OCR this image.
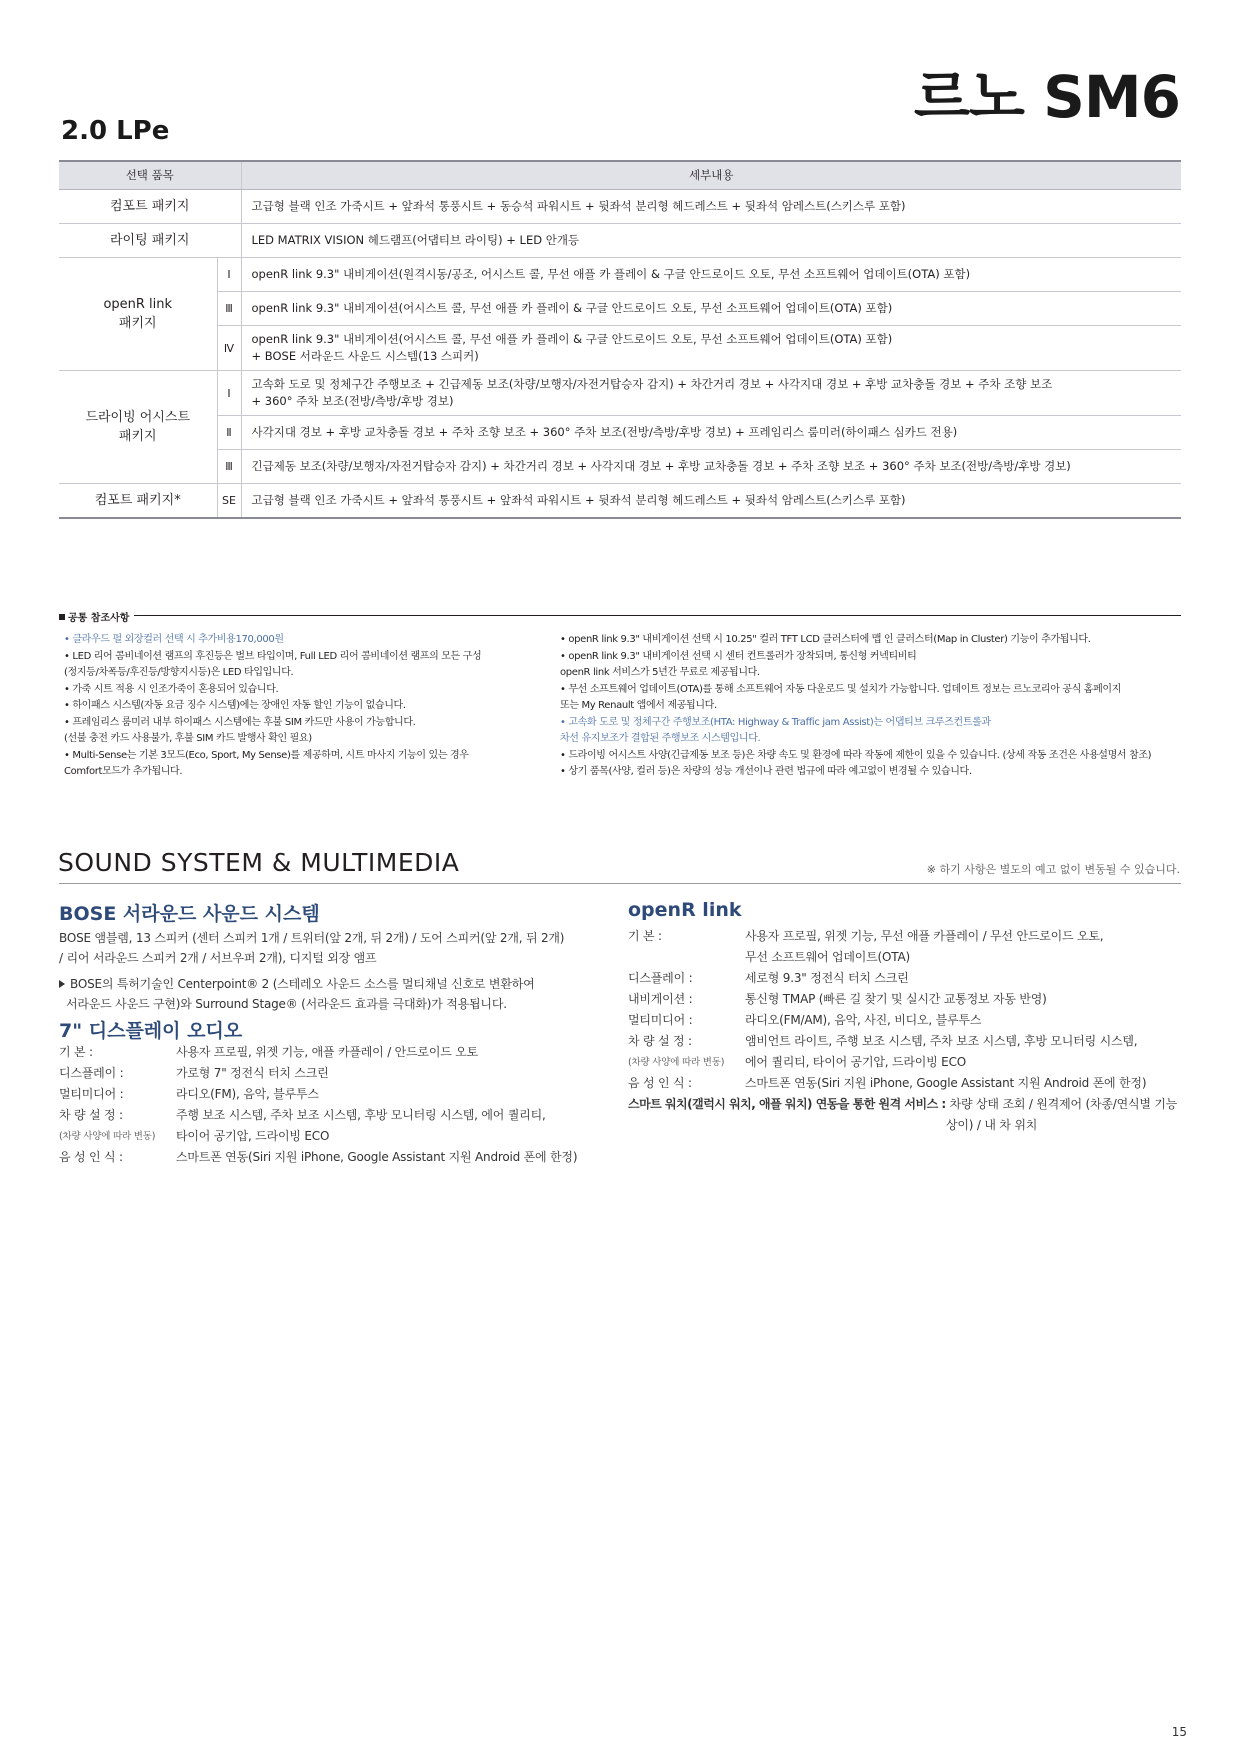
르노 SM6
2.0 LPe
선택 품목		세부내용
컴포트 패키지		고급형 블랙 인조 가죽시트 + 앞좌석 통풍시트 + 동승석 파워시트 + 뒷좌석 분리형 헤드레스트 + 뒷좌석 암레스트(스키스루 포함)
라이팅 패키지		LED MATRIX VISION 헤드램프(어댑티브 라이팅) + LED 안개등

openR link
패키지	Ⅰ	openR link 9.3" 내비게이션(원격시동/공조, 어시스트 콜, 무선 애플 카 플레이 & 구글 안드로이드 오토, 무선 소프트웨어 업데이트(OTA) 포함)
	Ⅲ	openR link 9.3" 내비게이션(어시스트 콜, 무선 애플 카 플레이 & 구글 안드로이드 오토, 무선 소프트웨어 업데이트(OTA) 포함)
	Ⅳ	openR link 9.3" 내비게이션(어시스트 콜, 무선 애플 카 플레이 & 구글 안드로이드 오토, 무선 소프트웨어 업데이트(OTA) 포함)
+ BOSE 서라운드 사운드 시스템(13 스피커)

드라이빙 어시스트
패키지	Ⅰ	고속화 도로 및 정체구간 주행보조 + 긴급제동 보조(차량/보행자/자전거탑승자 감지) + 차간거리 경보 + 사각지대 경보 + 후방 교차충돌 경보 + 주차 조향 보조
+ 360° 주차 보조(전방/측방/후방 경보)

	Ⅱ	사각지대 경보 + 후방 교차충돌 경보 + 주차 조향 보조 + 360° 주차 보조(전방/측방/후방 경보) + 프레임리스 룸미러(하이패스 심카드 전용)
	Ⅲ	긴급제동 보조(차량/보행자/자전거탑승자 감지) + 차간거리 경보 + 사각지대 경보 + 후방 교차충돌 경보 + 주차 조향 보조 + 360° 주차 보조(전방/측방/후방 경보)
컴포트 패키지*	SE	고급형 블랙 인조 가죽시트 + 앞좌석 통풍시트 + 앞좌석 파워시트 + 뒷좌석 분리형 헤드레스트 + 뒷좌석 암레스트(스키스루 포함)
공통 참조사항
• 클라우드 펄 외장컬러 선택 시 추가비용170,000원
• LED 리어 콤비네이션 램프의 후진등은 벌브 타입이며, Full LED 리어 콤비네이션 램프의 모든 구성
(정지등/차폭등/후진등/방향지시등)은 LED 타입입니다.
• 가죽 시트 적용 시 인조가죽이 혼용되어 있습니다.
• 하이패스 시스템(자동 요금 징수 시스템)에는 장애인 자동 할인 기능이 없습니다.
• 프레임리스 룸미러 내부 하이패스 시스템에는 후불 SIM 카드만 사용이 가능합니다.
(선불 충전 카드 사용불가, 후불 SIM 카드 발행사 확인 필요)
• Multi-Sense는 기본 3모드(Eco, Sport, My Sense)를 제공하며, 시트 마사지 기능이 있는 경우
Comfort모드가 추가됩니다.
• openR link 9.3" 내비게이션 선택 시 10.25" 컬러 TFT LCD 클러스터에 맵 인 클러스터(Map in Cluster) 기능이 추가됩니다.
• openR link 9.3" 내비게이션 선택 시 센터 컨트롤러가 장착되며, 통신형 커넥티비티
openR link 서비스가 5년간 무료로 제공됩니다.
• 무선 소프트웨어 업데이트(OTA)를 통해 소프트웨어 자동 다운로드 및 설치가 가능합니다. 업데이트 정보는 르노코리아 공식 홈페이지
또는 My Renault 앱에서 제공됩니다.
• 고속화 도로 및 정체구간 주행보조(HTA: Highway & Traffic jam Assist)는 어댑티브 크루즈컨트롤과
차선 유지보조가 결합된 주행보조 시스템입니다.
• 드라이빙 어시스트 사양(긴급제동 보조 등)은 차량 속도 및 환경에 따라 작동에 제한이 있을 수 있습니다. (상세 작동 조건은 사용설명서 참조)
• 상기 품목(사양, 컬러 등)은 차량의 성능 개선이나 관련 법규에 따라 예고없이 변경될 수 있습니다.
SOUND SYSTEM & MULTIMEDIA	※ 하기 사항은 별도의 예고 없이 변동될 수 있습니다.
BOSE 서라운드 사운드 시스템
BOSE 앰블렘, 13 스피커 (센터 스피커 1개 / 트위터(앞 2개, 뒤 2개) / 도어 스피커(앞 2개, 뒤 2개)
/ 리어 서라운드 스피커 2개 / 서브우퍼 2개), 디지털 외장 앰프
BOSE의 특허기술인 Centerpoint® 2 (스테레오 사운드 소스를 멀티채널 신호로 변환하여
서라운드 사운드 구현)와 Surround Stage® (서라운드 효과를 극대화)가 적용됩니다.
7" 디스플레이 오디오
기 본 :	사용자 프로필, 위젯 기능, 애플 카플레이 / 안드로이드 오토
디스플레이 :	가로형 7" 정전식 터치 스크린
멀티미디어 :	라디오(FM), 음악, 블루투스
차 량 설 정 :	주행 보조 시스템, 주차 보조 시스템, 후방 모니터링 시스템, 에어 퀄리티,
(차량 사양에 따라 변동)	타이어 공기압, 드라이빙 ECO
음 성 인 식 :	스마트폰 연동(Siri 지원 iPhone, Google Assistant 지원 Android 폰에 한정)
openR link
기 본 :	사용자 프로필, 위젯 기능, 무선 애플 카플레이 / 무선 안드로이드 오토,
무선 소프트웨어 업데이트(OTA)
디스플레이 :	세로형 9.3" 정전식 터치 스크린
내비게이션 :	통신형 TMAP (빠른 길 찾기 및 실시간 교통정보 자동 반영)
멀티미디어 :	라디오(FM/AM), 음악, 사진, 비디오, 블루투스
차 량 설 정 :	앰비언트 라이트, 주행 보조 시스템, 주차 보조 시스템, 후방 모니터링 시스템,
(차량 사양에 따라 변동)	에어 퀄리티, 타이어 공기압, 드라이빙 ECO
음 성 인 식 :	스마트폰 연동(Siri 지원 iPhone, Google Assistant 지원 Android 폰에 한정)
스마트 워치(갤럭시 워치, 애플 워치) 연동을 통한 원격 서비스 : 차량 상태 조회 / 원격제어 (차종/연식별 기능
상이) / 내 차 위치
15
